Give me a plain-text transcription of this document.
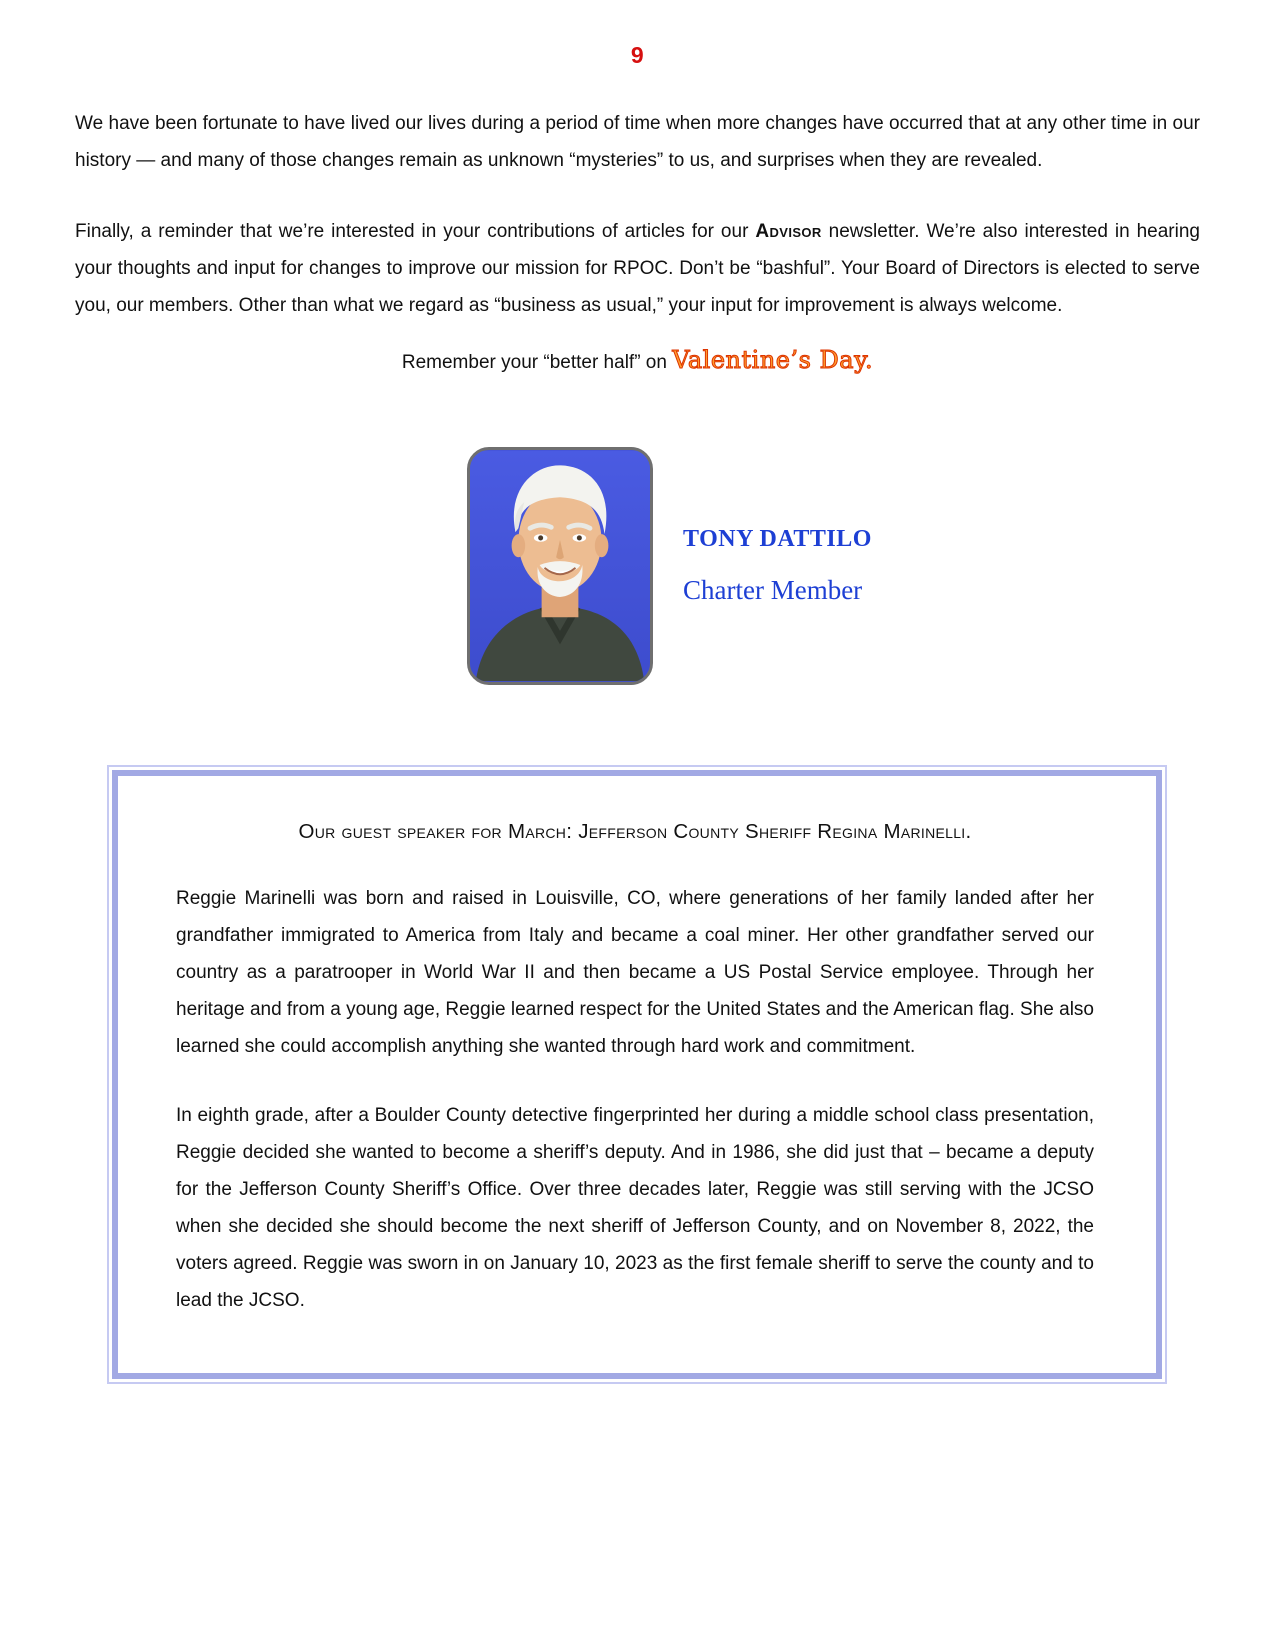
9

We have been fortunate to have lived our lives during a period of time when more changes have occurred that at any other time in our history — and many of those changes remain as unknown “mysteries” to us, and surprises when they are revealed.

Finally, a reminder that we’re interested in your contributions of articles for our Advisor newsletter. We’re also interested in hearing your thoughts and input for changes to improve our mission for RPOC. Don’t be “bashful”. Your Board of Directors is elected to serve you, our members. Other than what we regard as “business as usual,” your input for improvement is always welcome.

Remember your “better half” on Valentine’s Day.

TONY DATTILO
Charter Member
Our guest speaker for March: Jefferson County Sheriff Regina Marinelli.

Reggie Marinelli was born and raised in Louisville, CO, where generations of her family landed after her grandfather immigrated to America from Italy and became a coal miner. Her other grandfather served our country as a paratrooper in World War II and then became a US Postal Service employee. Through her heritage and from a young age, Reggie learned respect for the United States and the American flag. She also learned she could accomplish anything she wanted through hard work and commitment.

In eighth grade, after a Boulder County detective fingerprinted her during a middle school class presentation, Reggie decided she wanted to become a sheriff’s deputy. And in 1986, she did just that – became a deputy for the Jefferson County Sheriff’s Office. Over three decades later, Reggie was still serving with the JCSO when she decided she should become the next sheriff of Jefferson County, and on November 8, 2022, the voters agreed. Reggie was sworn in on January 10, 2023 as the first female sheriff to serve the county and to lead the JCSO.
